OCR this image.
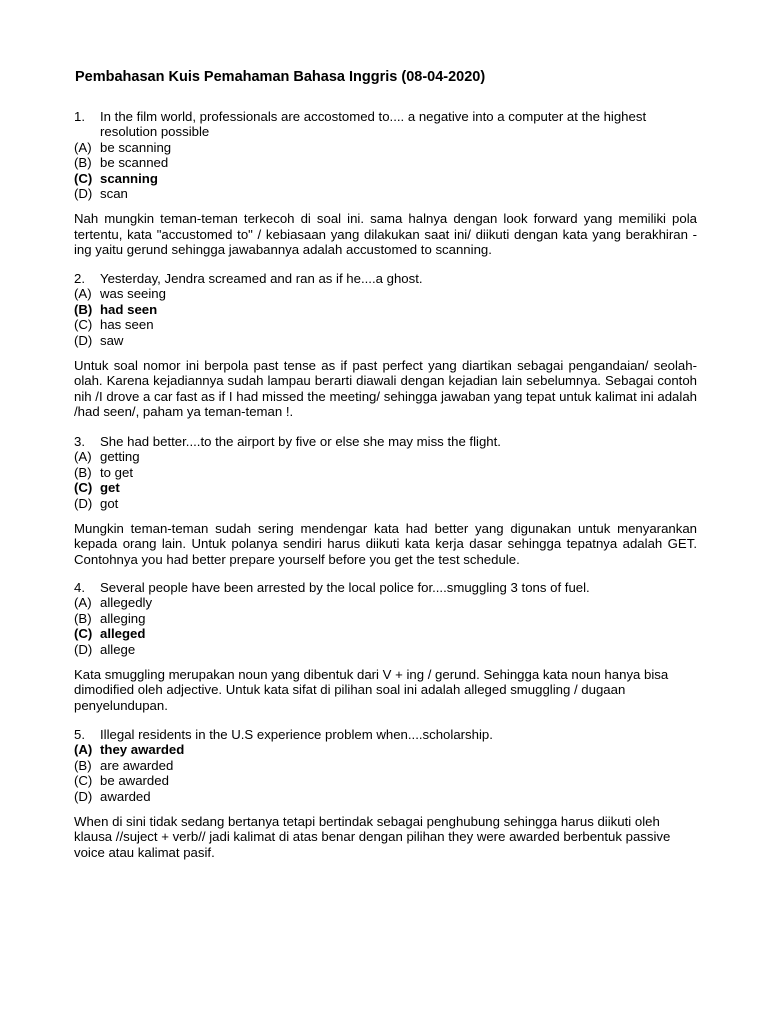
Pembahasan Kuis Pemahaman Bahasa Inggris (08-04-2020)
1. In the film world, professionals are accostomed to.... a negative into a computer at the highest resolution possible
(A) be scanning
(B) be scanned
(C) scanning
(D) scan
Nah mungkin teman-teman terkecoh di soal ini. sama halnya dengan look forward yang memiliki pola tertentu, kata "accustomed to" / kebiasaan yang dilakukan saat ini/ diikuti dengan kata yang berakhiran -ing yaitu gerund sehingga jawabannya adalah accustomed to scanning.
2. Yesterday, Jendra screamed and ran as if he....a ghost.
(A) was seeing
(B) had seen
(C) has seen
(D) saw
Untuk soal nomor ini berpola past tense as if past perfect yang diartikan sebagai pengandaian/ seolah-olah. Karena kejadiannya sudah lampau berarti diawali dengan kejadian lain sebelumnya. Sebagai contoh nih /I drove a car fast as if I had missed the meeting/ sehingga jawaban yang tepat untuk kalimat ini adalah /had seen/, paham ya teman-teman !.
3. She had better....to the airport by five or else she may miss the flight.
(A) getting
(B) to get
(C) get
(D) got
Mungkin teman-teman sudah sering mendengar kata had better yang digunakan untuk menyarankan kepada orang lain. Untuk polanya sendiri harus diikuti kata kerja dasar sehingga tepatnya adalah GET. Contohnya you had better prepare yourself before you get the test schedule.
4. Several people have been arrested by the local police for....smuggling 3 tons of fuel.
(A) allegedly
(B) alleging
(C) alleged
(D) allege
Kata smuggling merupakan noun yang dibentuk dari V + ing / gerund. Sehingga kata noun hanya bisa dimodified oleh adjective. Untuk kata sifat di pilihan soal ini adalah alleged smuggling / dugaan penyelundupan.
5. Illegal residents in the U.S experience problem when....scholarship.
(A) they awarded
(B) are awarded
(C) be awarded
(D) awarded
When di sini tidak sedang bertanya tetapi bertindak sebagai penghubung sehingga harus diikuti oleh klausa //suject + verb// jadi kalimat di atas benar dengan pilihan they were awarded berbentuk passive voice atau kalimat pasif.
